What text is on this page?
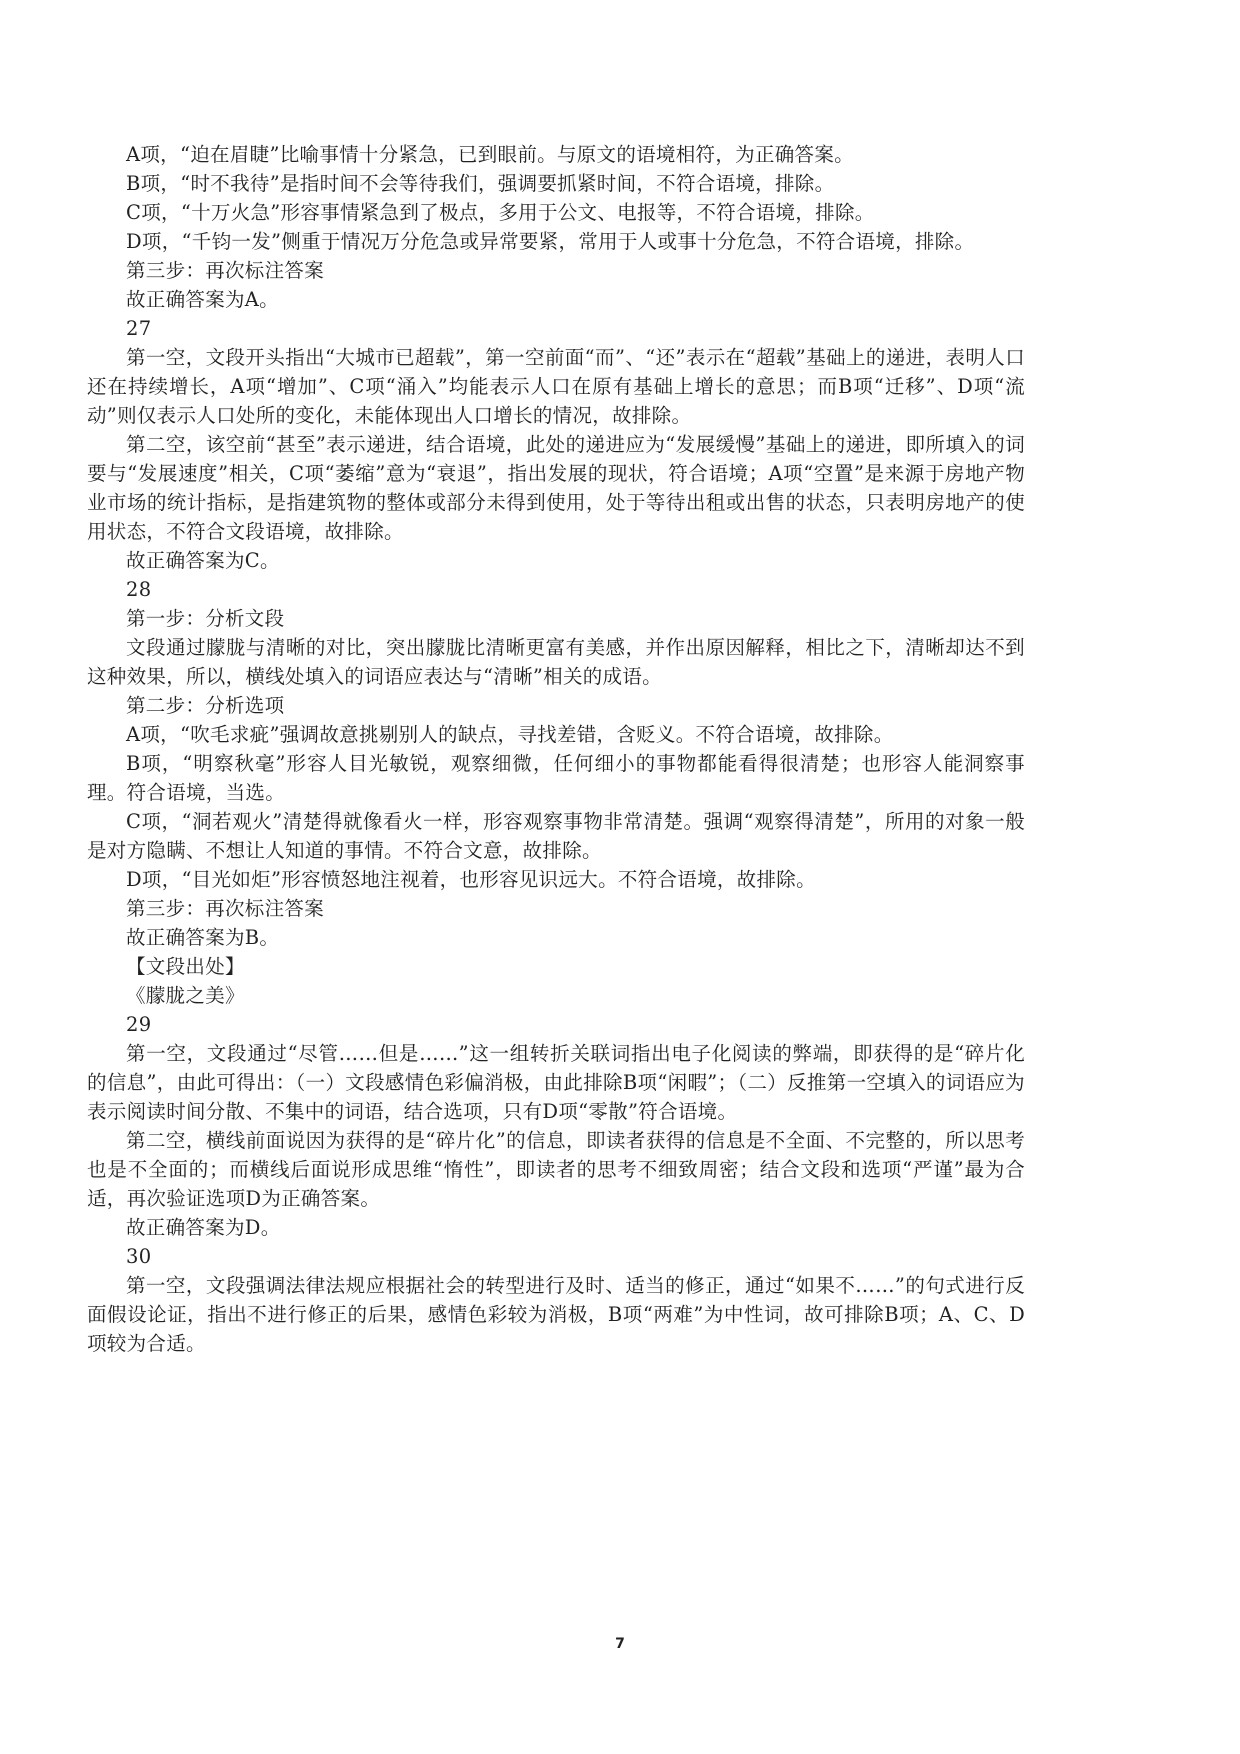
A项，“迫在眉睫”比喻事情十分紧急，已到眼前。与原文的语境相符，为正确答案。

B项，“时不我待”是指时间不会等待我们，强调要抓紧时间，不符合语境，排除。

C项，“十万火急”形容事情紧急到了极点，多用于公文、电报等，不符合语境，排除。

D项，“千钧一发”侧重于情况万分危急或异常要紧，常用于人或事十分危急，不符合语境，排除。

第三步：再次标注答案

故正确答案为A。

27

第一空，文段开头指出“大城市已超载”，第一空前面“而”、“还”表示在“超载”基础上的递进，表明人口还在持续增长，A项“增加”、C项“涌入”均能表示人口在原有基础上增长的意思；而B项“迁移”、D项“流动”则仅表示人口处所的变化，未能体现出人口增长的情况，故排除。

第二空，该空前“甚至”表示递进，结合语境，此处的递进应为“发展缓慢”基础上的递进，即所填入的词要与“发展速度”相关，C项“萎缩”意为“衰退”，指出发展的现状，符合语境；A项“空置”是来源于房地产物业市场的统计指标，是指建筑物的整体或部分未得到使用，处于等待出租或出售的状态，只表明房地产的使用状态，不符合文段语境，故排除。

故正确答案为C。

28

第一步：分析文段

文段通过朦胧与清晰的对比，突出朦胧比清晰更富有美感，并作出原因解释，相比之下，清晰却达不到这种效果，所以，横线处填入的词语应表达与“清晰”相关的成语。

第二步：分析选项

A项，“吹毛求疵”强调故意挑剔别人的缺点，寻找差错，含贬义。不符合语境，故排除。

B项，“明察秋毫”形容人目光敏锐，观察细微，任何细小的事物都能看得很清楚；也形容人能洞察事理。符合语境，当选。

C项，“洞若观火”清楚得就像看火一样，形容观察事物非常清楚。强调“观察得清楚”，所用的对象一般是对方隐瞒、不想让人知道的事情。不符合文意，故排除。

D项，“目光如炬”形容愤怒地注视着，也形容见识远大。不符合语境，故排除。

第三步：再次标注答案

故正确答案为B。

【文段出处】

《朦胧之美》

29

第一空，文段通过“尽管……但是……”这一组转折关联词指出电子化阅读的弊端，即获得的是“碎片化的信息”，由此可得出：（一）文段感情色彩偏消极，由此排除B项“闲暇”；（二）反推第一空填入的词语应为表示阅读时间分散、不集中的词语，结合选项，只有D项“零散”符合语境。

第二空，横线前面说因为获得的是“碎片化”的信息，即读者获得的信息是不全面、不完整的，所以思考也是不全面的；而横线后面说形成思维“惰性”，即读者的思考不细致周密；结合文段和选项“严谨”最为合适，再次验证选项D为正确答案。

故正确答案为D。

30

第一空，文段强调法律法规应根据社会的转型进行及时、适当的修正，通过“如果不……”的句式进行反面假设论证，指出不进行修正的后果，感情色彩较为消极，B项“两难”为中性词，故可排除B项；A、C、D项较为合适。

7
